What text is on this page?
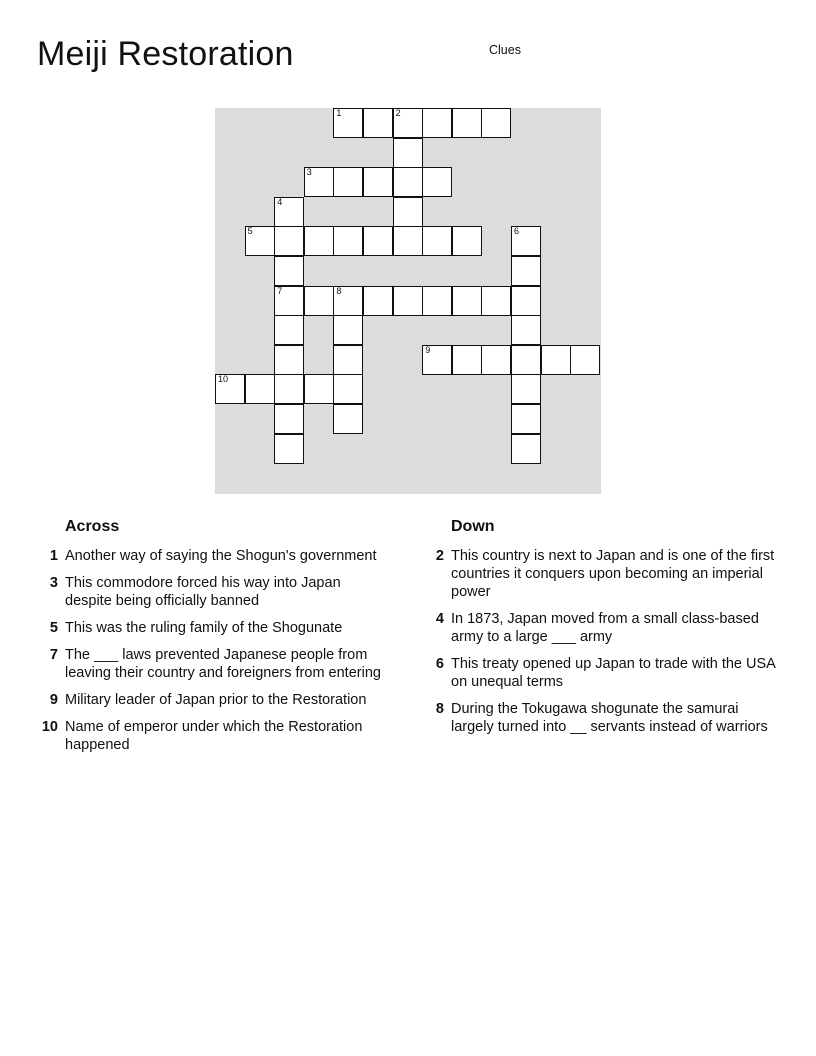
Meiji Restoration	Clues
1	2
3
4
5	6
7	8
9
10
Across
1 Another way of saying the Shogun's government
3 This commodore forced his way into Japan despite being officially banned
5 This was the ruling family of the Shogunate
7 The ___ laws prevented Japanese people from leaving their country and foreigners from entering
9 Military leader of Japan prior to the Restoration
10 Name of emperor under which the Restoration happened
Down
2 This country is next to Japan and is one of the first countries it conquers upon becoming an imperial power
4 In 1873, Japan moved from a small class-based army to a large ___ army
6 This treaty opened up Japan to trade with the USA on unequal terms
8 During the Tokugawa shogunate the samurai largely turned into __ servants instead of warriors
